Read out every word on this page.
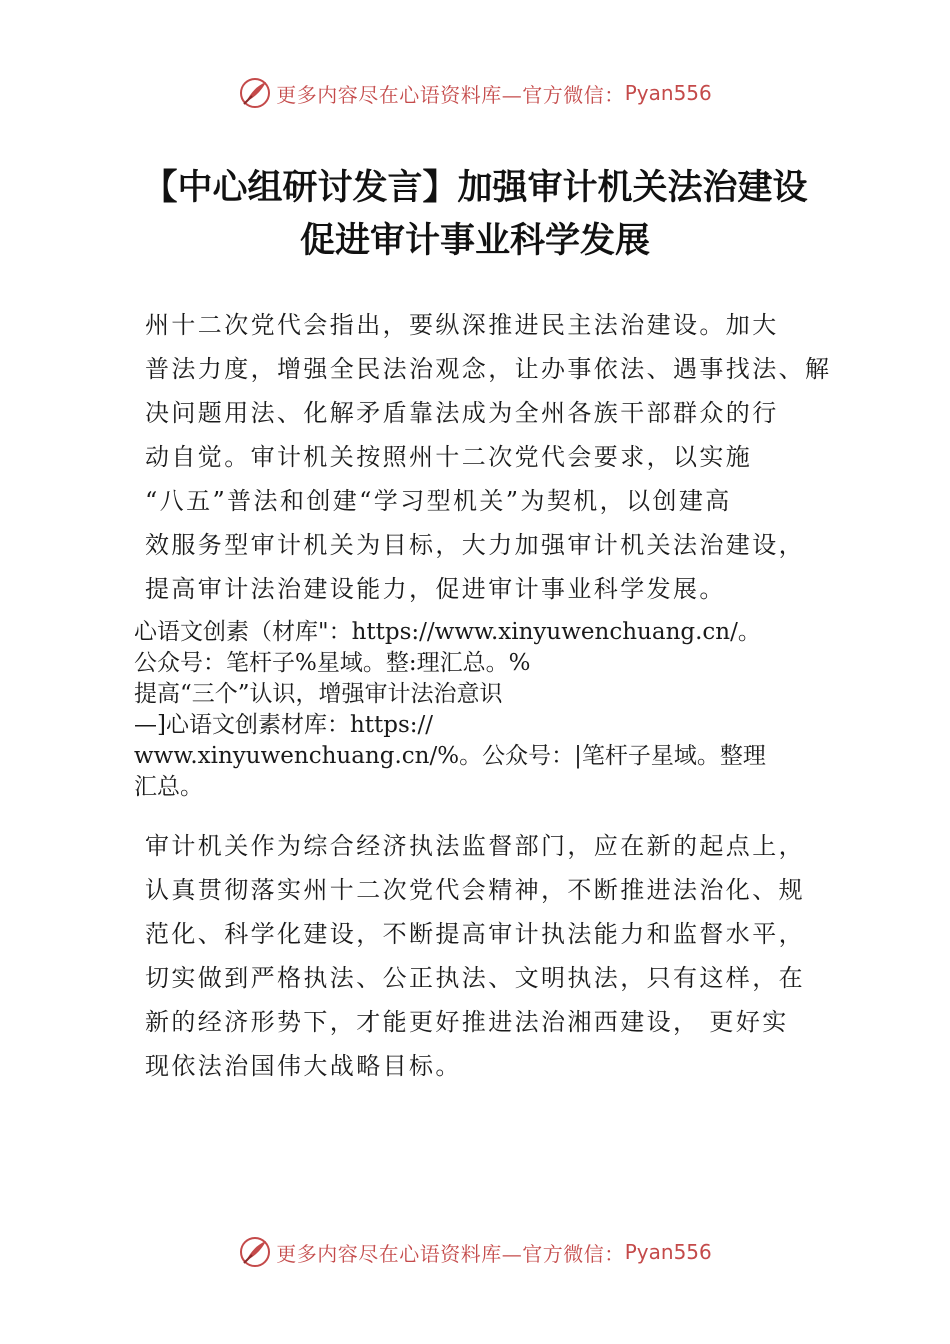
更多内容尽在心语资料库—官方微信： Pyan556
【中心组研讨发言】加强审计机关法治建设
促进审计事业科学发展
州十二次党代会指出，要纵深推进民主法治建设。加大
普法力度，增强全民法治观念，让办事依法、遇事找法、解
决问题用法、化解矛盾靠法成为全州各族干部群众的行
动自觉。审计机关按照州十二次党代会要求，以实施
“八五”普法和创建“学习型机关”为契机，以创建高
效服务型审计机关为目标，大力加强审计机关法治建设，
提高审计法治建设能力，促进审计事业科学发展。
心语文创素（材库"：https://www.xinyuwenchuang.cn/。
公众号：笔杆子%星域。整:理汇总。%
提高“三个”认识，增强审计法治意识
—]心语文创素材库：https://
www.xinyuwenchuang.cn/%。公众号：|笔杆子星域。整理
汇总。
审计机关作为综合经济执法监督部门，应在新的起点上，
认真贯彻落实州十二次党代会精神，不断推进法治化、规
范化、科学化建设，不断提高审计执法能力和监督水平，
切实做到严格执法、公正执法、文明执法，只有这样，在
新的经济形势下，才能更好推进法治湘西建设， 更好实
现依法治国伟大战略目标。
更多内容尽在心语资料库—官方微信： Pyan556
